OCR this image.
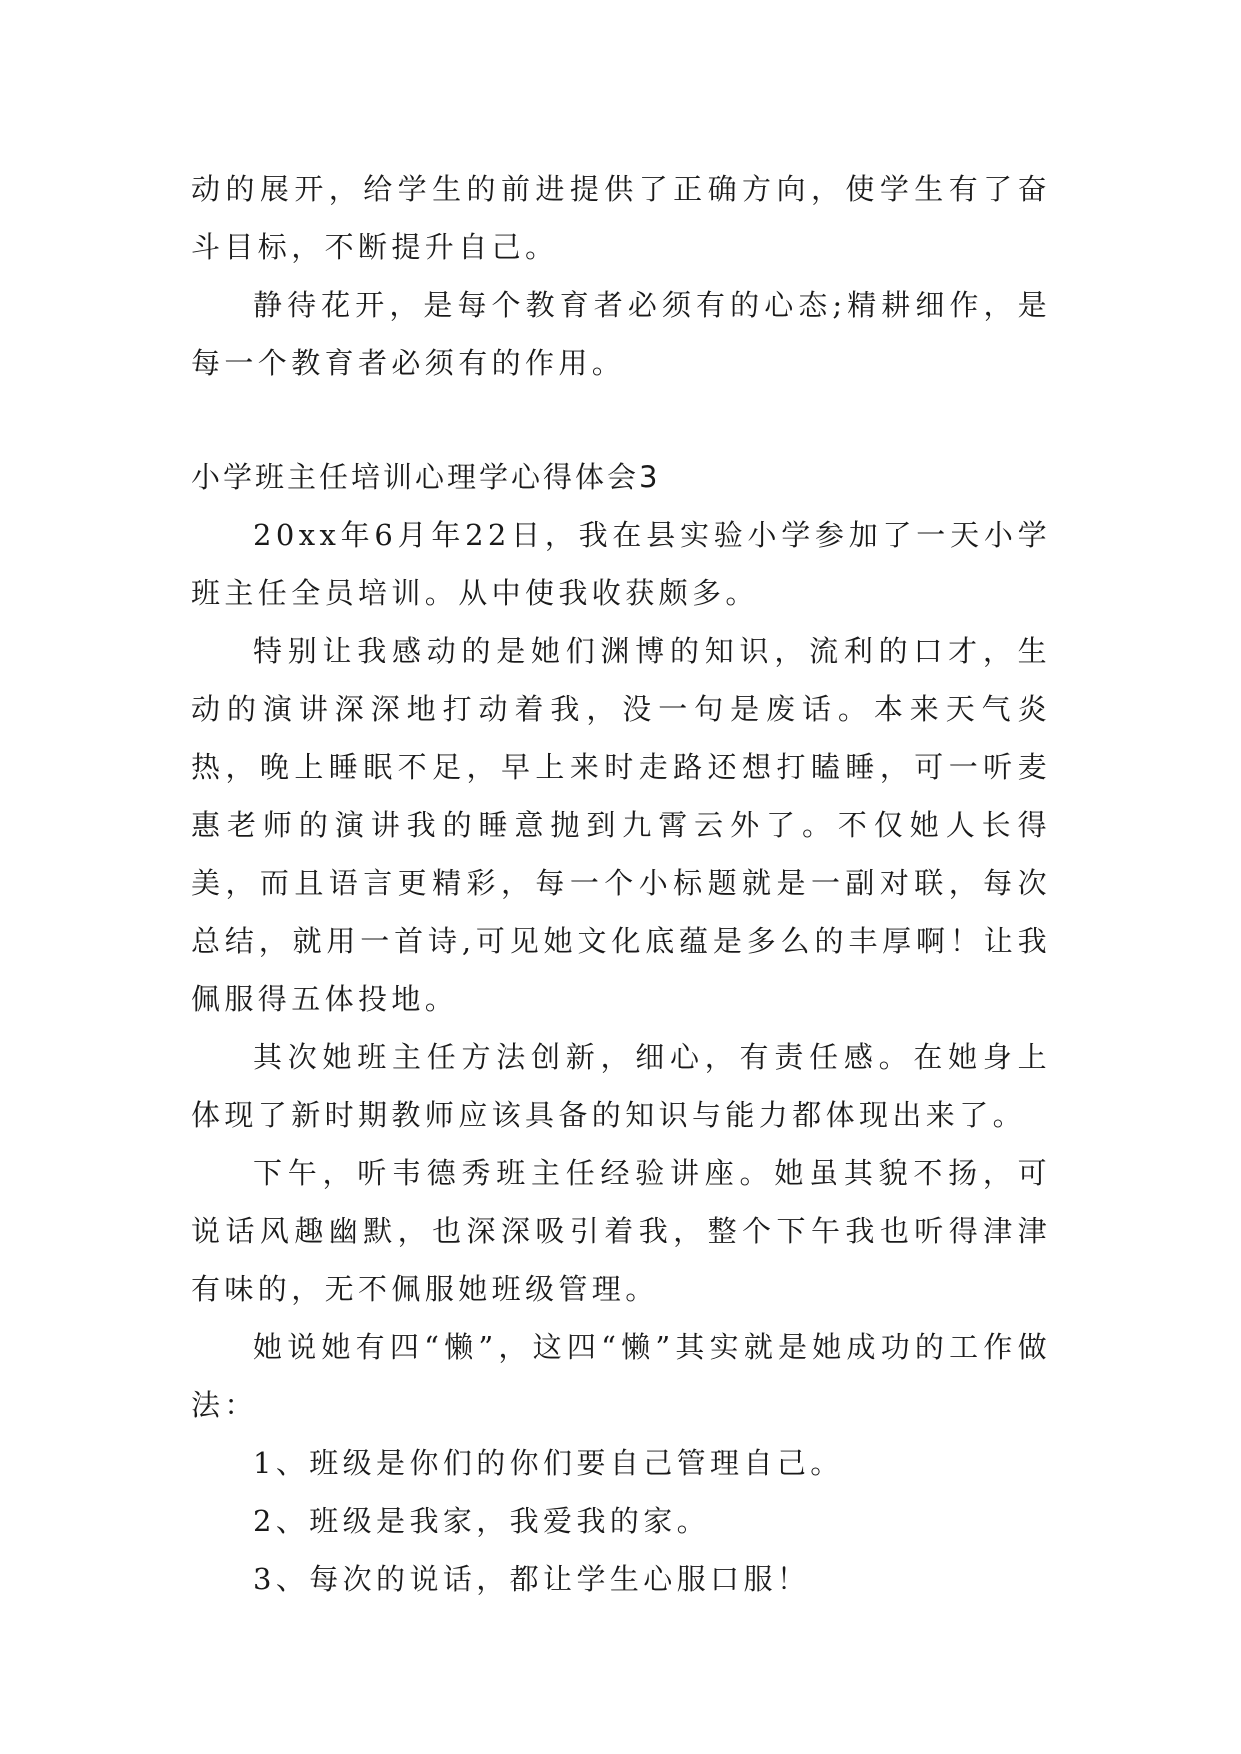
动的展开，给学生的前进提供了正确方向，使学生有了奋斗目标，不断提升自己。

静待花开，是每个教育者必须有的心态;精耕细作，是每一个教育者必须有的作用。

小学班主任培训心理学心得体会3

20xx年6月年22日，我在县实验小学参加了一天小学班主任全员培训。从中使我收获颇多。

特别让我感动的是她们渊博的知识，流利的口才，生动的演讲深深地打动着我，没一句是废话。本来天气炎热，晚上睡眠不足，早上来时走路还想打瞌睡，可一听麦惠老师的演讲我的睡意抛到九霄云外了。不仅她人长得美，而且语言更精彩，每一个小标题就是一副对联，每次总结，就用一首诗,可见她文化底蕴是多么的丰厚啊！让我佩服得五体投地。

其次她班主任方法创新，细心，有责任感。在她身上体现了新时期教师应该具备的知识与能力都体现出来了。

下午，听韦德秀班主任经验讲座。她虽其貌不扬，可说话风趣幽默，也深深吸引着我，整个下午我也听得津津有味的，无不佩服她班级管理。

她说她有四“懒”，这四“懒”其实就是她成功的工作做法：

1、班级是你们的你们要自己管理自己。

2、班级是我家，我爱我的家。

3、每次的说话，都让学生心服口服！
